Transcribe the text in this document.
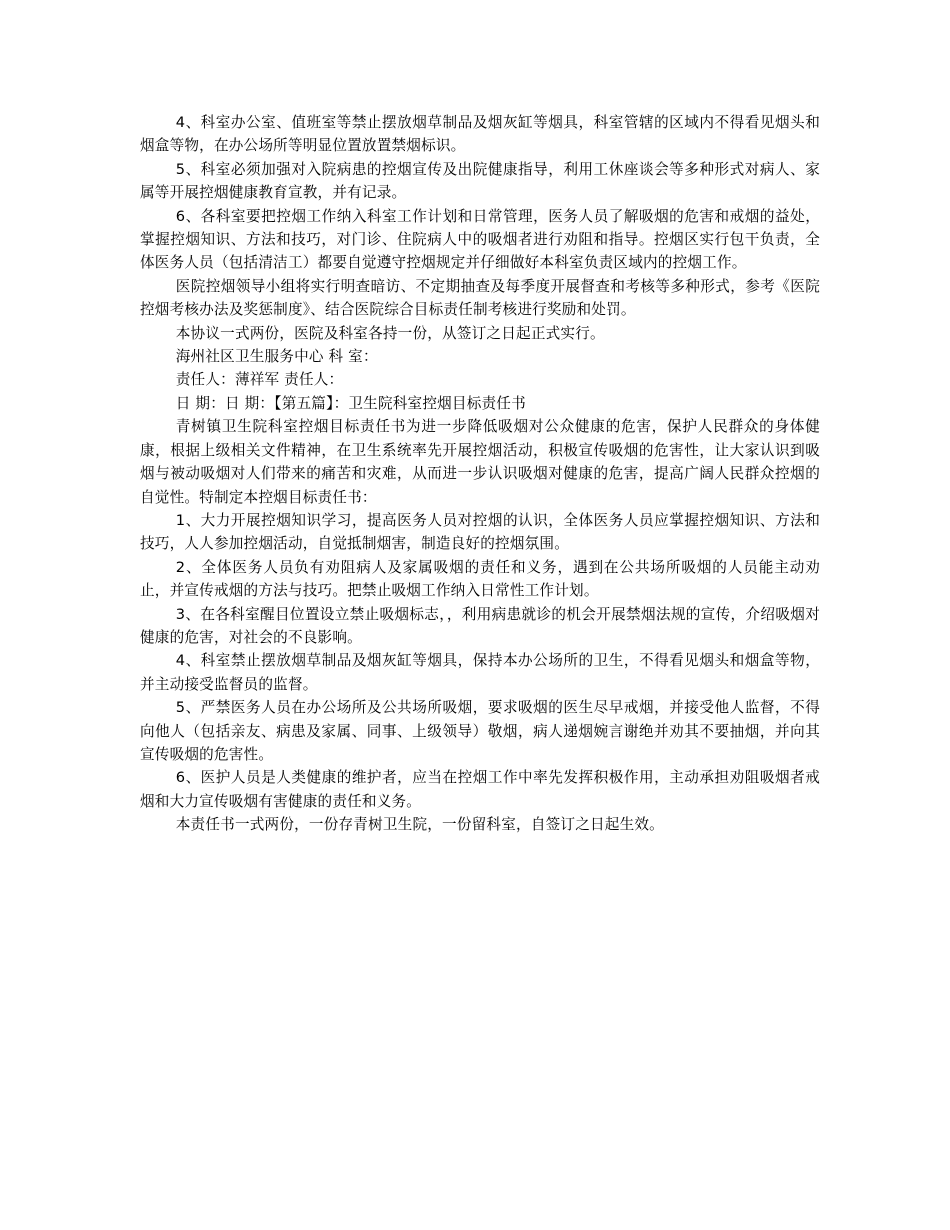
4、科室办公室、值班室等禁止摆放烟草制品及烟灰缸等烟具，科室管辖的区域内不得看见烟头和烟盒等物，在办公场所等明显位置放置禁烟标识。

5、科室必须加强对入院病患的控烟宣传及出院健康指导，利用工休座谈会等多种形式对病人、家属等开展控烟健康教育宣教，并有记录。

6、各科室要把控烟工作纳入科室工作计划和日常管理，医务人员了解吸烟的危害和戒烟的益处，掌握控烟知识、方法和技巧，对门诊、住院病人中的吸烟者进行劝阻和指导。控烟区实行包干负责，全体医务人员（包括清洁工）都要自觉遵守控烟规定并仔细做好本科室负责区域内的控烟工作。

医院控烟领导小组将实行明查暗访、不定期抽查及每季度开展督查和考核等多种形式，参考《医院控烟考核办法及奖惩制度》、结合医院综合目标责任制考核进行奖励和处罚。

本协议一式两份，医院及科室各持一份，从签订之日起正式实行。

海州社区卫生服务中心 科 室：

责任人：薄祥军 责任人：

日 期：日 期：【第五篇】：卫生院科室控烟目标责任书

青树镇卫生院科室控烟目标责任书为进一步降低吸烟对公众健康的危害，保护人民群众的身体健康，根据上级相关文件精神，在卫生系统率先开展控烟活动，积极宣传吸烟的危害性，让大家认识到吸烟与被动吸烟对人们带来的痛苦和灾难，从而进一步认识吸烟对健康的危害，提高广阔人民群众控烟的自觉性。特制定本控烟目标责任书：

1、大力开展控烟知识学习，提高医务人员对控烟的认识，全体医务人员应掌握控烟知识、方法和技巧，人人参加控烟活动，自觉抵制烟害，制造良好的控烟氛围。

2、全体医务人员负有劝阻病人及家属吸烟的责任和义务，遇到在公共场所吸烟的人员能主动劝止，并宣传戒烟的方法与技巧。把禁止吸烟工作纳入日常性工作计划。

3、在各科室醒目位置设立禁止吸烟标志，，利用病患就诊的机会开展禁烟法规的宣传，介绍吸烟对健康的危害，对社会的不良影响。

4、科室禁止摆放烟草制品及烟灰缸等烟具，保持本办公场所的卫生，不得看见烟头和烟盒等物，并主动接受监督员的监督。

5、严禁医务人员在办公场所及公共场所吸烟，要求吸烟的医生尽早戒烟，并接受他人监督，不得向他人（包括亲友、病患及家属、同事、上级领导）敬烟，病人递烟婉言谢绝并劝其不要抽烟，并向其宣传吸烟的危害性。

6、医护人员是人类健康的维护者，应当在控烟工作中率先发挥积极作用，主动承担劝阻吸烟者戒烟和大力宣传吸烟有害健康的责任和义务。

本责任书一式两份，一份存青树卫生院，一份留科室，自签订之日起生效。
